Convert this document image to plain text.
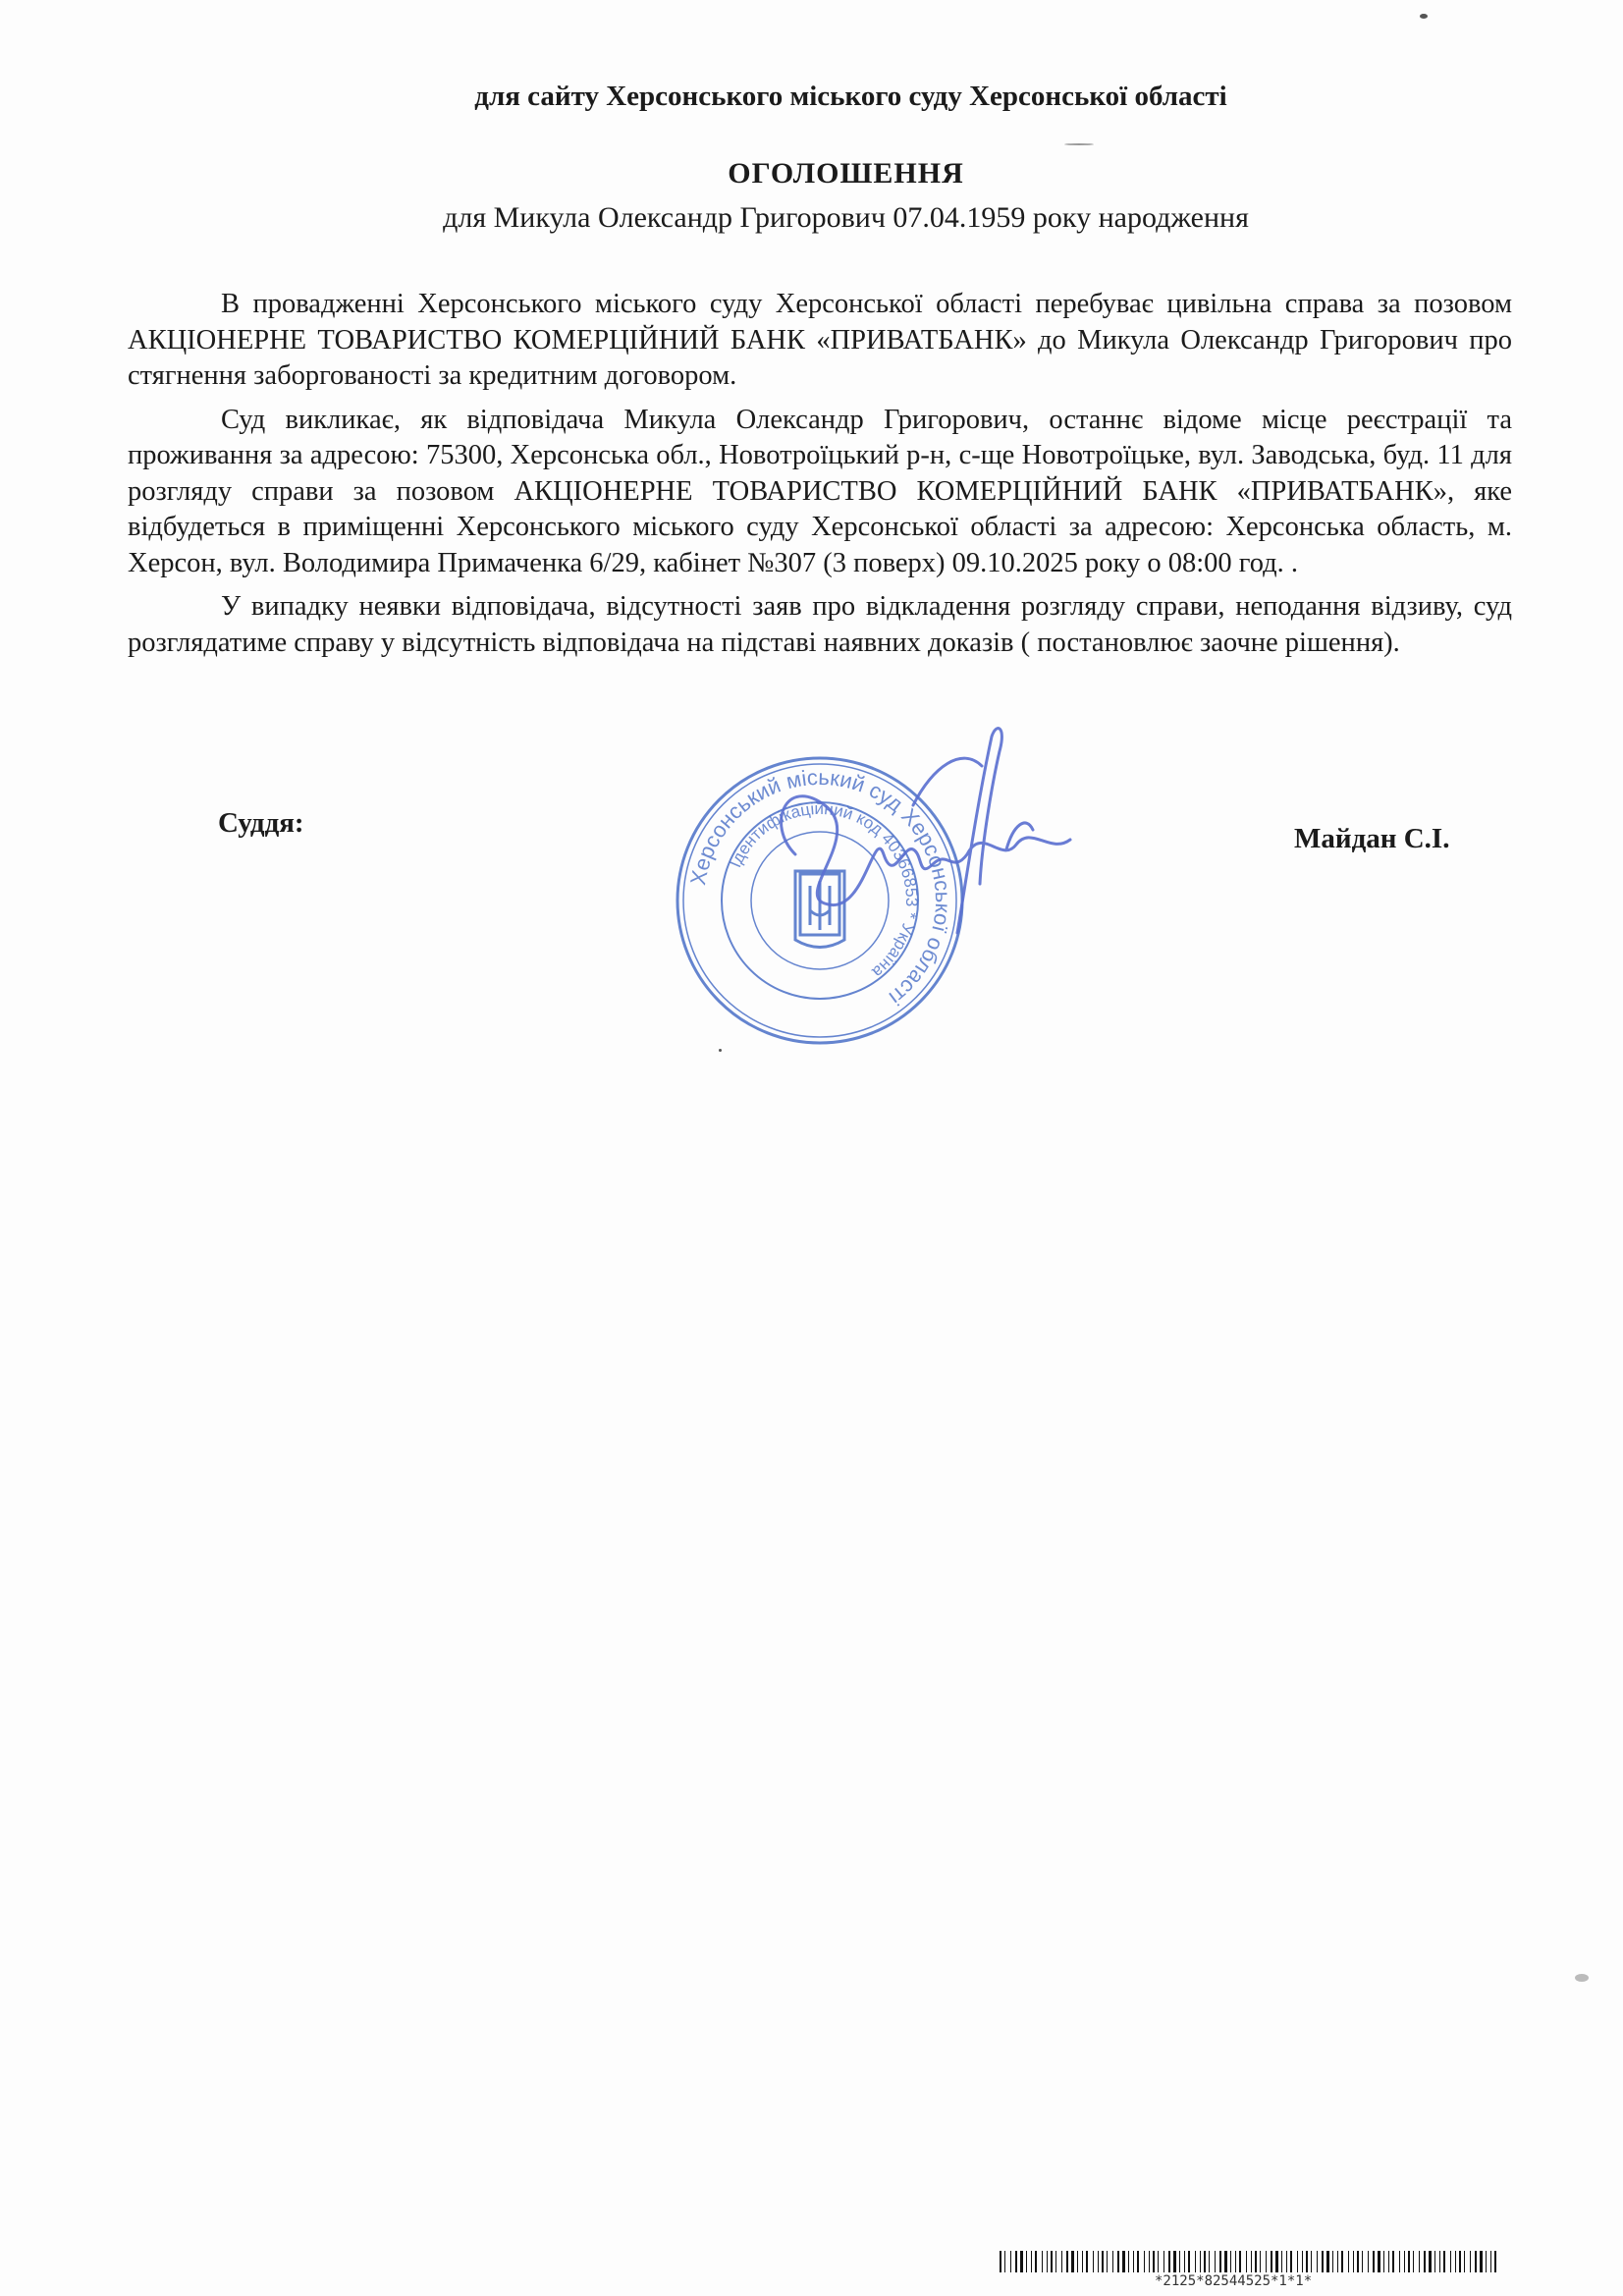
для сайту Херсонського міського суду Херсонської області
ОГОЛОШЕННЯ
для Микула Олександр Григорович 07.04.1959 року народження

В провадженні Херсонського міського суду Херсонської області перебуває цивільна справа за позовом АКЦІОНЕРНЕ ТОВАРИСТВО КОМЕРЦІЙНИЙ БАНК «ПРИВАТБАНК» до Микула Олександр Григорович про стягнення заборгованості за кредитним договором.

Суд викликає, як відповідача Микула Олександр Григорович, останнє відоме місце реєстрації та проживання за адресою: 75300, Херсонська обл., Новотроїцький р-н, с-ще Новотроїцьке, вул. Заводська, буд. 11 для розгляду справи за позовом АКЦІОНЕРНЕ ТОВАРИСТВО КОМЕРЦІЙНИЙ БАНК «ПРИВАТБАНК», яке відбудеться в приміщенні Херсонського міського суду Херсонської області за адресою: Херсонська область, м. Херсон, вул. Володимира Примаченка 6/29, кабінет №307 (3 поверх) 09.10.2025 року о 08:00 год. .

У випадку неявки відповідача, відсутності заяв про відкладення розгляду справи, неподання відзиву, суд розглядатиме справу у відсутність відповідача на підставі наявних доказів ( постановлює заочне рішення).

Суддя:	Майдан С.І.
Херсонський міський суд Херсонської області
Ідентифікаційний код 40366853 * Україна
*2125*82544525*1*1*
